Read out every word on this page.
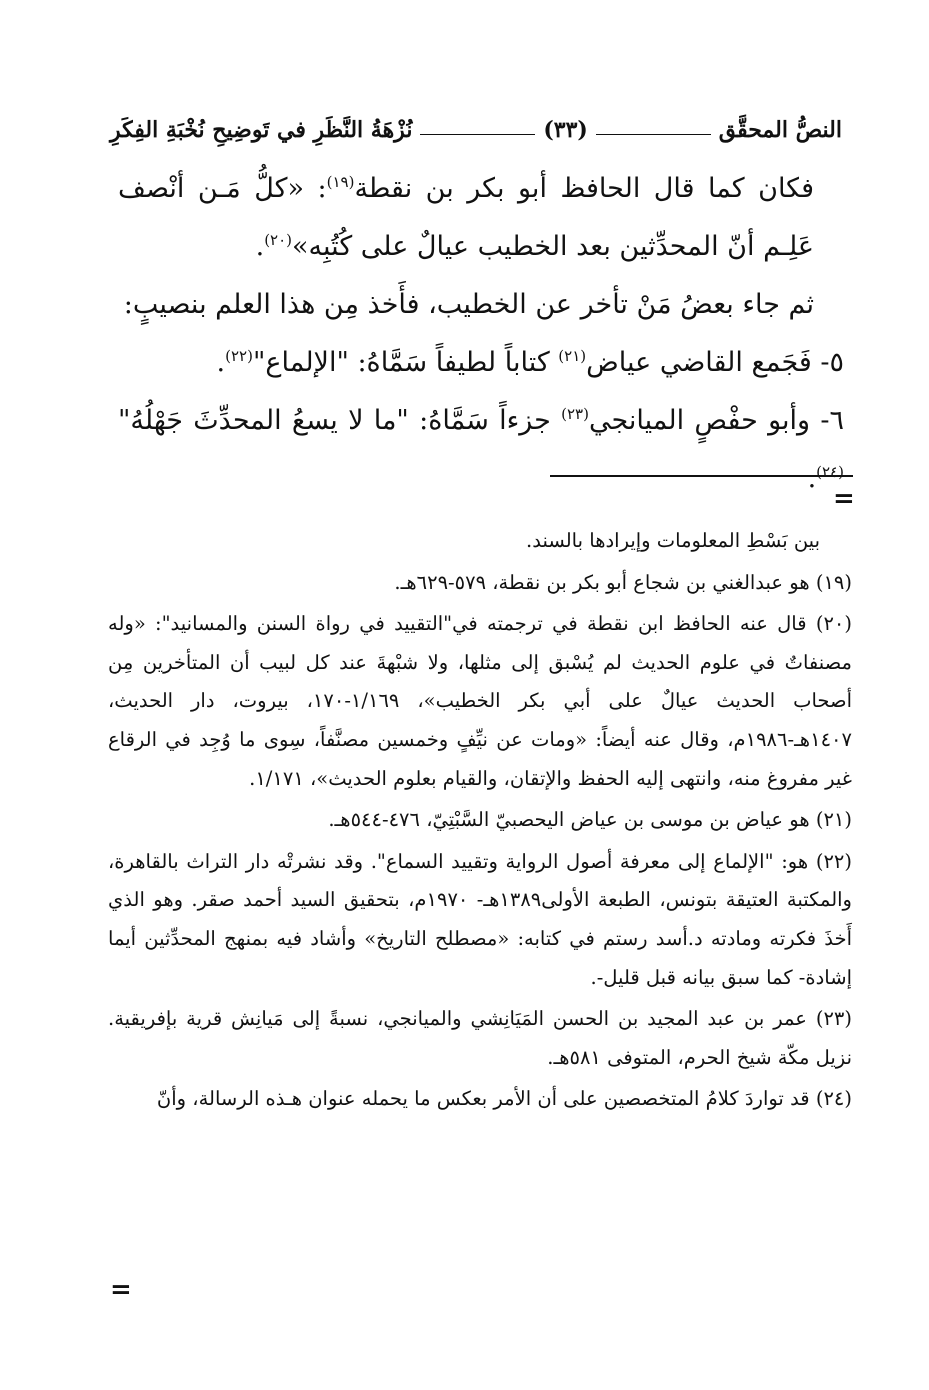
النصُّ المحقَّق
(٣٣)
نُزْهَةُ النَّظَرِ في تَوضِيحِ نُخْبَةِ الفِكَرِ

فكان كما قال الحافظ أبو بكر بن نقطة$^{(١٩)}$: «كلُّ مَـن أنْصف عَلِـم أنّ المحدِّثين بعد الخطيب عيالٌ على كُتُبِه»$^{(٢٠)}$.

ثم جاء بعضُ مَنْ تأخر عن الخطيب، فأَخذ مِن هذا العلم بنصيبٍ:

٥- فَجَمع القاضي عياض$^{(٢١)}$ كتاباً لطيفاً سَمَّاهُ: "الإلماع"$^{(٢٢)}$.

٦- وأبو حفْصٍ الميانجي$^{(٢٣)}$ جزءاً سَمَّاهُ: "ما لا يسعُ المحدِّثَ جَهْلُهُ"$^{(٢٤)}$.

=

بين بَسْطِ المعلومات وإيرادها بالسند.

(١٩) هو عبدالغني بن شجاع أبو بكر بن نقطة، ٥٧٩-٦٢٩هـ.

(٢٠) قال عنه الحافظ ابن نقطة في ترجمته في"التقييد في رواة السنن والمسانيد": «وله مصنفاتٌ في علوم الحديث لم يُسْبق إلى مثلها، ولا شبْهةَ عند كل لبيب أن المتأخرين مِن أصحاب الحديث عيالٌ على أبي بكر الخطيب»، ١/١٦٩-١٧٠، بيروت، دار الحديث، ١٤٠٧هـ-١٩٨٦م، وقال عنه أيضاً: «ومات عن نيِّفٍ وخمسين مصنَّفاً، سِوى ما وُجِد في الرقاع غير مفروغ منه، وانتهى إليه الحفظ والإتقان، والقيام بعلوم الحديث»، ١/١٧١.

(٢١) هو عياض بن موسى بن عياض اليحصبيّ السَّبْتِيّ، ٤٧٦-٥٤٤هـ.

(٢٢) هو: "الإلماع إلى معرفة أصول الرواية وتقييد السماع". وقد نشرتْه دار التراث بالقاهرة، والمكتبة العتيقة بتونس، الطبعة الأولى١٣٨٩هـ- ١٩٧٠م، بتحقيق السيد أحمد صقر. وهو الذي أَخذَ فكرته ومادته د.أسد رستم في كتابه: «مصطلح التاريخ» وأشاد فيه بمنهج المحدِّثين أيما إشادة- كما سبق بيانه قبل قليل-.

(٢٣) عمر بن عبد المجيد بن الحسن المَيَانِشي والميانجي، نسبةً إلى مَيانِش قرية بإفريقية. نزيل مكّة شيخ الحرم، المتوفى ٥٨١هـ.

(٢٤) قد تواردَ كلامُ المتخصصين على أن الأمر بعكس ما يحمله عنوان هـذه الرسالة، وأنّ

=
